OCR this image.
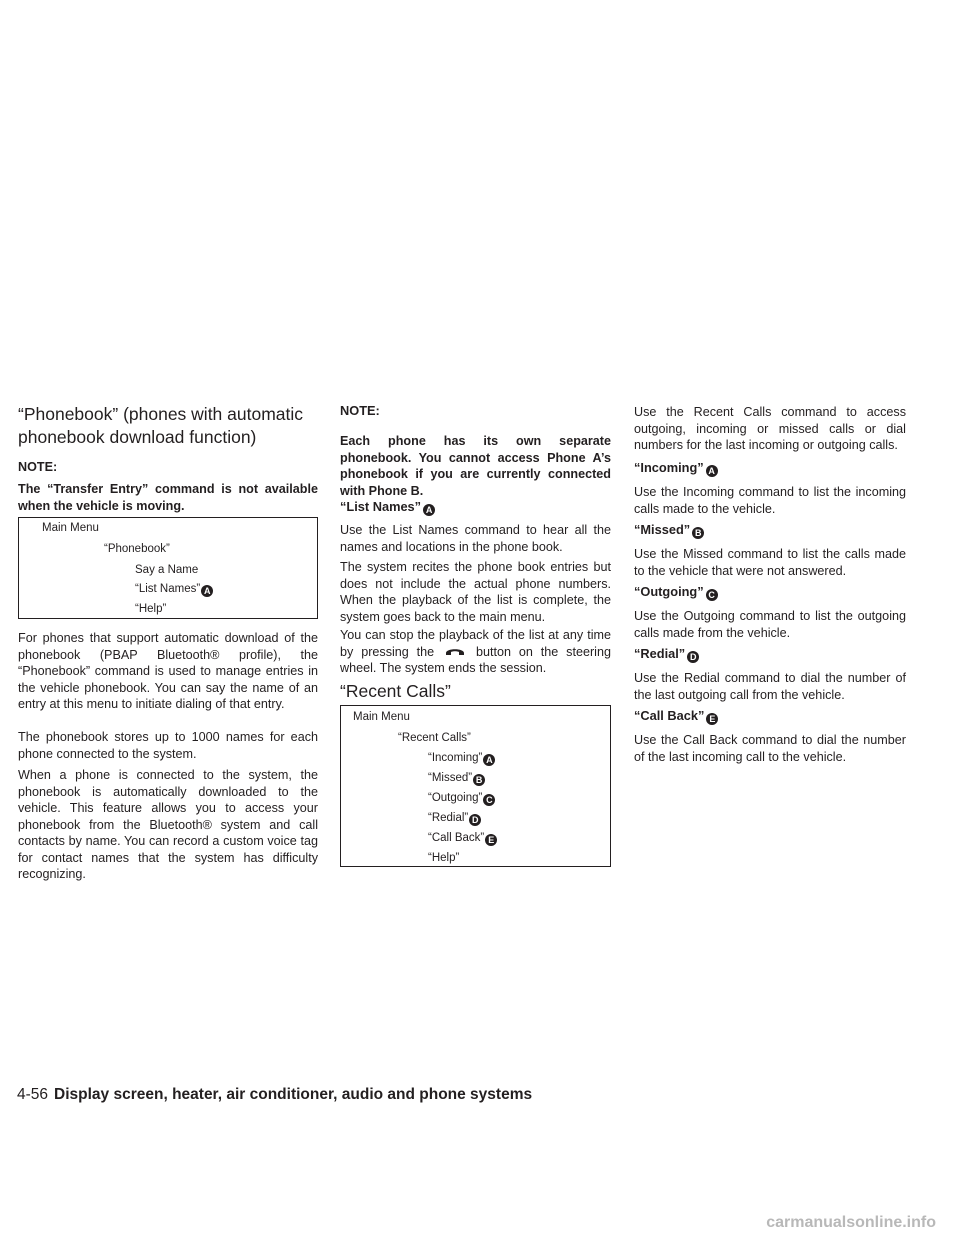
“Phonebook” (phones with automatic phonebook download function)
NOTE:
The “Transfer Entry” command is not available when the vehicle is moving.
Main Menu
“Phonebook”
Say a Name
“List Names” A
“Help”
For phones that support automatic download of the phonebook (PBAP Bluetooth® profile), the “Phonebook” command is used to manage entries in the vehicle phonebook. You can say the name of an entry at this menu to initiate dialing of that entry.
The phonebook stores up to 1000 names for each phone connected to the system.
When a phone is connected to the system, the phonebook is automatically downloaded to the vehicle. This feature allows you to access your phonebook from the Bluetooth® system and call contacts by name. You can record a custom voice tag for contact names that the system has difficulty recognizing.
NOTE:
Each phone has its own separate phonebook. You cannot access Phone A’s phonebook if you are currently connected with Phone B.
“List Names” A
Use the List Names command to hear all the names and locations in the phone book.
The system recites the phone book entries but does not include the actual phone numbers. When the playback of the list is complete, the system goes back to the main menu.
You can stop the playback of the list at any time by pressing the	button on the steering wheel. The system ends the session.
“Recent Calls”
Main Menu
“Recent Calls”
“Incoming” A
“Missed” B
“Outgoing” C
“Redial” D
“Call Back” E
“Help”
Use the Recent Calls command to access outgoing, incoming or missed calls or dial numbers for the last incoming or outgoing calls.
“Incoming” A
Use the Incoming command to list the incoming calls made to the vehicle.
“Missed” B
Use the Missed command to list the calls made to the vehicle that were not answered.
“Outgoing” C
Use the Outgoing command to list the outgoing calls made from the vehicle.
“Redial” D
Use the Redial command to dial the number of the last outgoing call from the vehicle.
“Call Back” E
Use the Call Back command to dial the number of the last incoming call to the vehicle.
4-56 Display screen, heater, air conditioner, audio and phone systems
carmanualsonline.info
